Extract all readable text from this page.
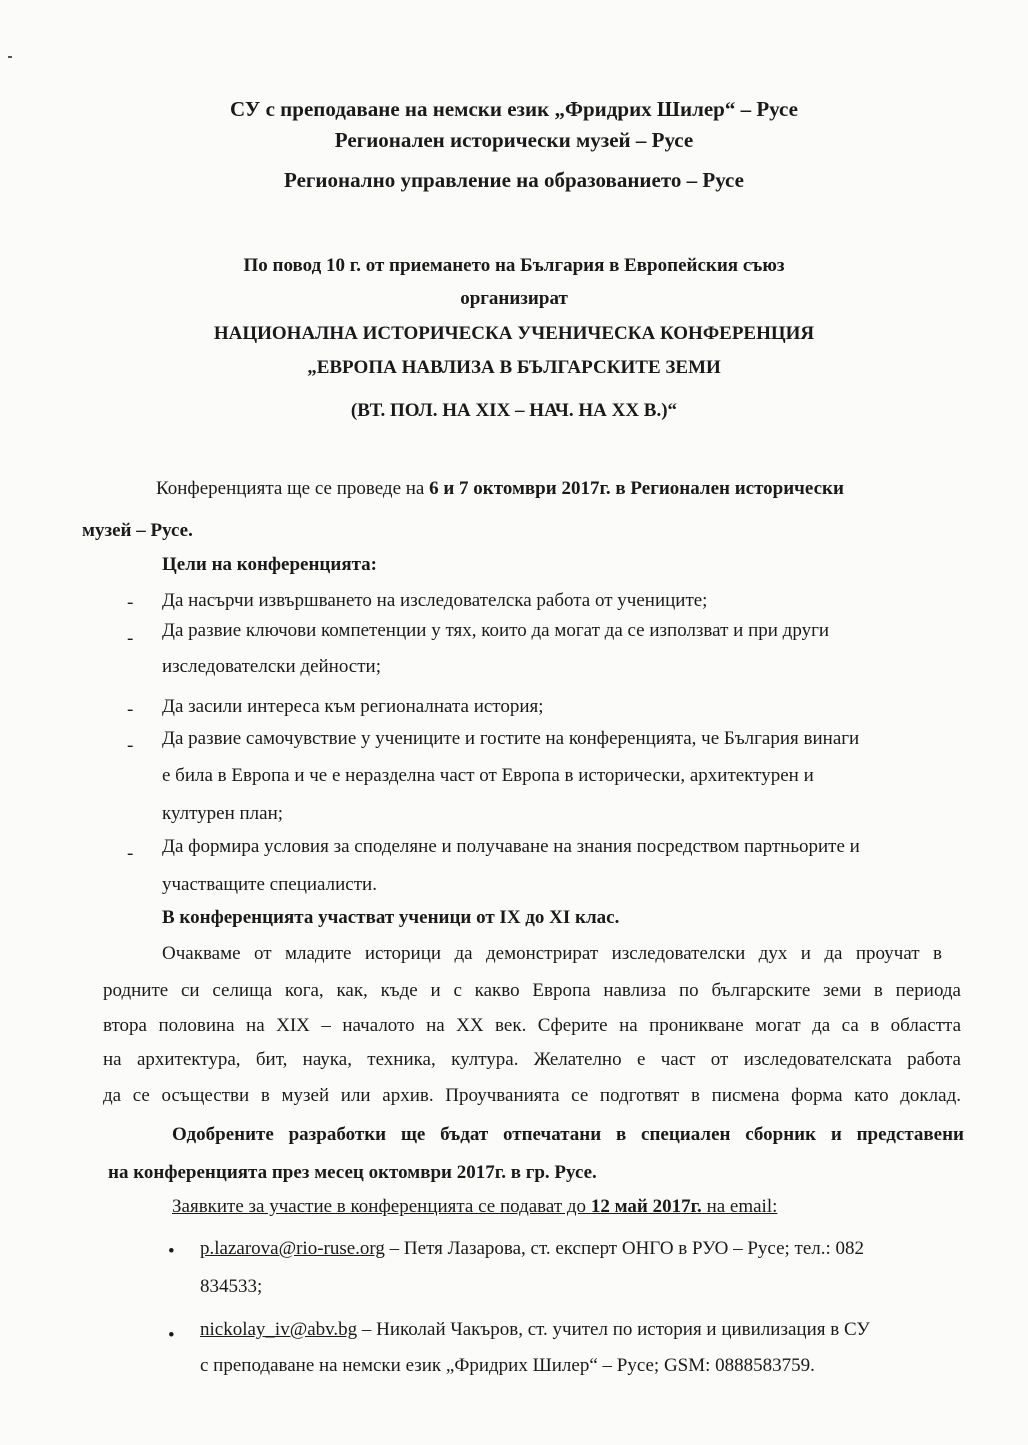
СУ с преподаване на немски език „Фридрих Шилер“ – Русе
Регионален исторически музей – Русе
Регионално управление на образованието – Русе
По повод 10 г. от приемането на България в Европейския съюз
организират
НАЦИОНАЛНА ИСТОРИЧЕСКА УЧЕНИЧЕСКА КОНФЕРЕНЦИЯ
„ЕВРОПА НАВЛИЗА В БЪЛГАРСКИТЕ ЗЕМИ
(ВТ. ПОЛ. НА XIX – НАЧ. НА XX В.)“
Конференцията ще се проведе на 6 и 7 октомври 2017г. в Регионален исторически
музей – Русе.
Цели на конференцията:
- Да насърчи извършването на изследователска работа от учениците;
- Да развие ключови компетенции у тях, които да могат да се използват и при други
изследователски дейности;
- Да засили интереса към регионалната история;
- Да развие самочувствие у учениците и гостите на конференцията, че България винаги
е била в Европа и че е неразделна част от Европа в исторически, архитектурен и
културен план;
- Да формира условия за споделяне и получаване на знания посредством партньорите и
участващите специалисти.
В конференцията участват ученици от IX до XI клас.
Очакваме от младите историци да демонстрират изследователски дух и да проучат в
родните си селища кога, как, къде и с какво Европа навлиза по българските земи в периода
втора половина на XIX – началото на XX век. Сферите на проникване могат да са в областта
на архитектура, бит, наука, техника, култура. Желателно е част от изследователската работа
да се осъществи в музей или архив. Проучванията се подготвят в писмена форма като доклад.
Одобрените разработки ще бъдат отпечатани в специален сборник и представени
на конференцията през месец октомври 2017г. в гр. Русе.
Заявките за участие в конференцията се подават до 12 май 2017г. на email:
• p.lazarova@rio-ruse.org – Петя Лазарова, ст. експерт ОНГО в РУО – Русе; тел.: 082
834533;
• nickolay_iv@abv.bg – Николай Чакъров, ст. учител по история и цивилизация в СУ
с преподаване на немски език „Фридрих Шилер“ – Русе; GSM: 0888583759.
